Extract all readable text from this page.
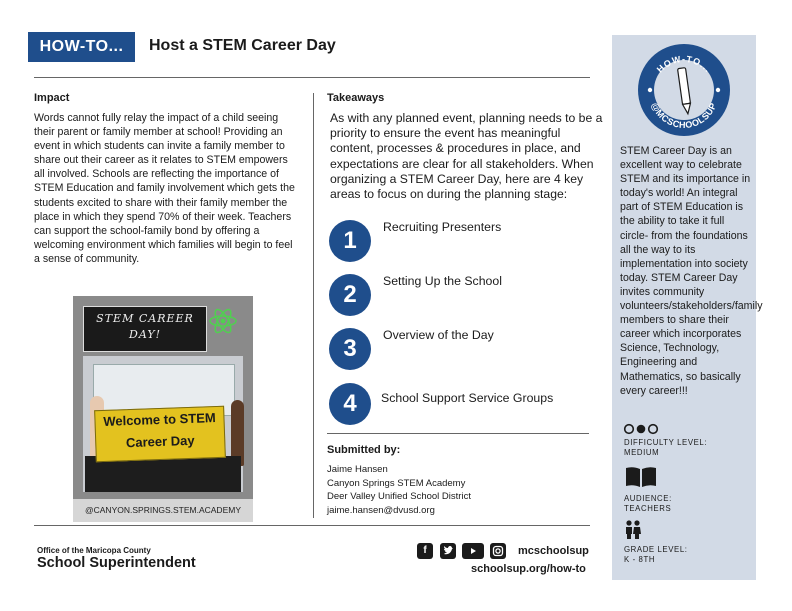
HOW-TO...	Host a STEM Career Day
Impact
Words cannot fully relay the impact of a child seeing their parent or family member at school! Providing an event in which students can invite a family member to share out their career as it relates to STEM empowers all involved. Schools are reflecting the importance of STEM Education and family involvement which gets the students excited to share with their family member the place in which they spend 70% of their week. Teachers can support the school-family bond by offering a welcoming environment which families will begin to feel a sense of community.
STEM CAREER DAY!
Welcome to STEM Career Day
@CANYON.SPRINGS.STEM.ACADEMY
Takeaways
As with any planned event, planning needs to be a priority to ensure the event has meaningful content, processes & procedures in place, and expectations are clear for all stakeholders. When organizing a STEM Career Day, here are 4 key areas to focus on during the planning stage:
1	Recruiting Presenters
2	Setting Up the School
3	Overview of the Day
4	School Support Service Groups
Submitted by:
Jaime Hansen
Canyon Springs STEM Academy
Deer Valley Unified School District
jaime.hansen@dvusd.org
Office of the Maricopa County
School Superintendent
f	mcschoolsup
schoolsup.org/how-to
HOW-TO...
@MCSCHOOLSUP
STEM Career Day is an excellent way to celebrate STEM and its importance in today's world! An integral part of STEM Education is the ability to take it full circle- from the foundations all the way to its implementation into society today. STEM Career Day invites community volunteers/stakeholders/family members to share their career which incorporates Science, Technology, Engineering and Mathematics, so basically every career!!!
DIFFICULTY LEVEL:
MEDIUM
AUDIENCE:
TEACHERS
GRADE LEVEL:
K - 8TH
